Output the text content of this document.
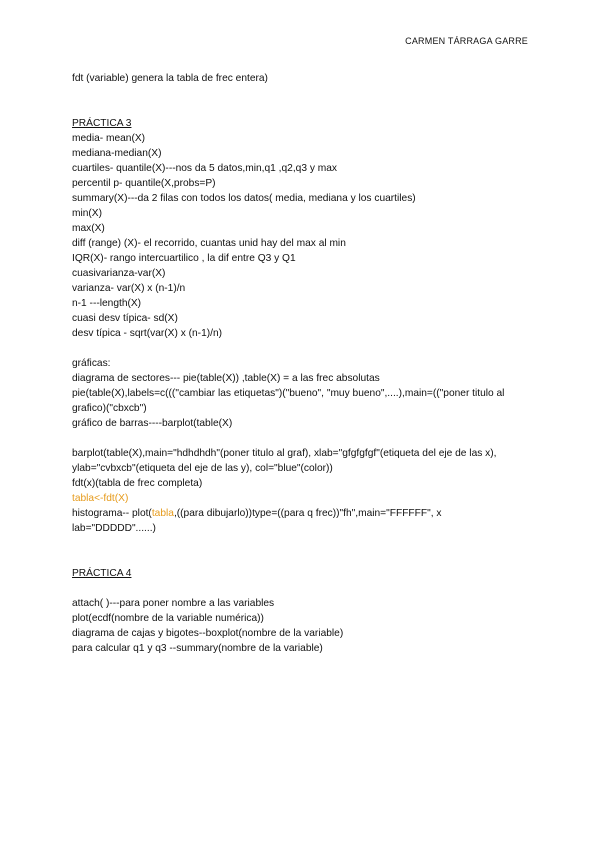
CARMEN TÁRRAGA GARRE
fdt (variable) genera la tabla de frec entera)
PRÁCTICA 3
media- mean(X)
mediana-median(X)
cuartiles- quantile(X)---nos da 5 datos,min,q1 ,q2,q3 y max
percentil p- quantile(X,probs=P)
summary(X)---da 2 filas con todos los datos( media, mediana y los cuartiles)
min(X)
max(X)
diff (range) (X)- el recorrido, cuantas unid hay del max al min
IQR(X)- rango intercuartilico , la dif entre Q3 y Q1
cuasivarianza-var(X)
varianza- var(X) x (n-1)/n
n-1 ---length(X)
cuasi desv típica- sd(X)
desv típica - sqrt(var(X) x (n-1)/n)
gráficas:
diagrama de sectores--- pie(table(X)) ,table(X) = a las frec absolutas
pie(table(X),labels=c((("cambiar las etiquetas")("bueno", "muy bueno",....),main=(("poner titulo al grafico)("cbxcb")
gráfico de barras----barplot(table(X)
barplot(table(X),main="hdhdhdh"(poner titulo al graf), xlab="gfgfgfgf"(etiqueta del eje de las x),
ylab="cvbxcb"(etiqueta del eje de las y), col="blue"(color))
fdt(x)(tabla de frec completa)
tabla<-fdt(X)
histograma-- plot(tabla,((para dibujarlo))type=((para q frec))"fh",main="FFFFFF", x lab="DDDDD"......)
PRÁCTICA 4
attach( )---para poner nombre a las variables
plot(ecdf(nombre de la variable numérica))
diagrama de cajas y bigotes--boxplot(nombre de la variable)
para calcular q1 y q3 --summary(nombre de la variable)
